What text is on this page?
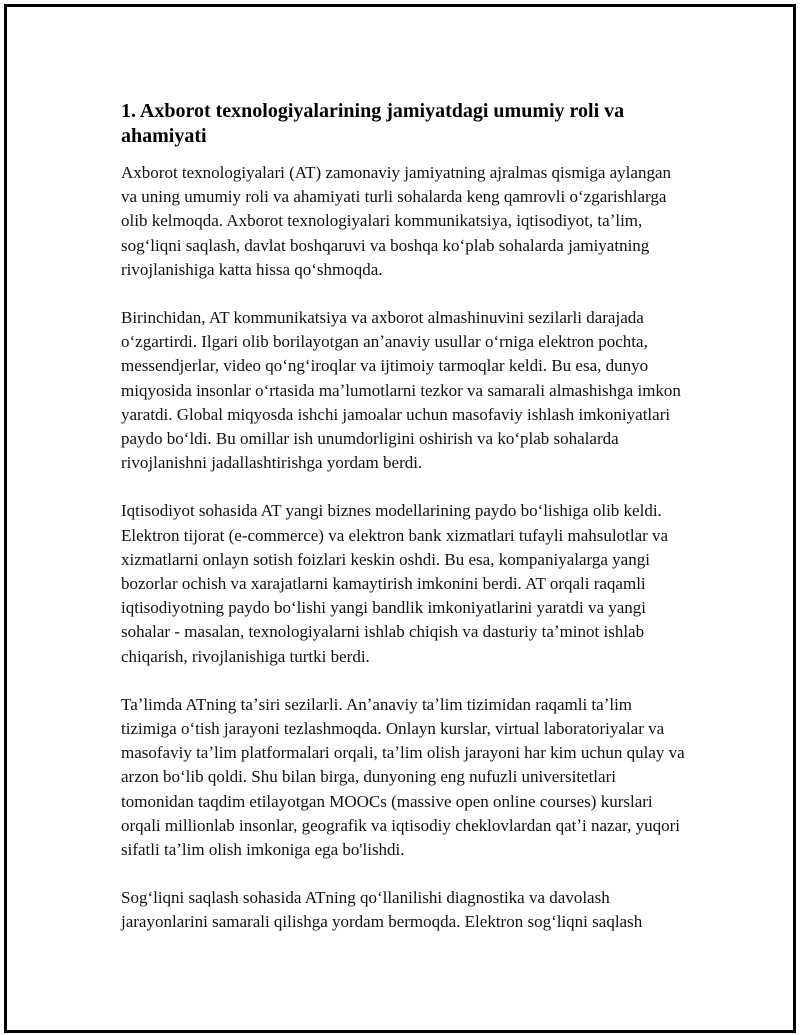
1. Axborot texnologiyalarining jamiyatdagi umumiy roli va ahamiyati

Axborot texnologiyalari (AT) zamonaviy jamiyatning ajralmas qismiga aylangan va uning umumiy roli va ahamiyati turli sohalarda keng qamrovli oʻzgarishlarga olib kelmoqda. Axborot texnologiyalari kommunikatsiya, iqtisodiyot, taʼlim, sogʻliqni saqlash, davlat boshqaruvi va boshqa koʻplab sohalarda jamiyatning rivojlanishiga katta hissa qoʻshmoqda.

Birinchidan, AT kommunikatsiya va axborot almashinuvini sezilarli darajada oʻzgartirdi. Ilgari olib borilayotgan anʼanaviy usullar oʻrniga elektron pochta, messendjerlar, video qoʻngʻiroqlar va ijtimoiy tarmoqlar keldi. Bu esa, dunyo miqyosida insonlar oʻrtasida maʼlumotlarni tezkor va samarali almashishga imkon yaratdi. Global miqyosda ishchi jamoalar uchun masofaviy ishlash imkoniyatlari paydo boʻldi. Bu omillar ish unumdorligini oshirish va koʻplab sohalarda rivojlanishni jadallashtirishga yordam berdi.

Iqtisodiyot sohasida AT yangi biznes modellarining paydo boʻlishiga olib keldi. Elektron tijorat (e-commerce) va elektron bank xizmatlari tufayli mahsulotlar va xizmatlarni onlayn sotish foizlari keskin oshdi. Bu esa, kompaniyalarga yangi bozorlar ochish va xarajatlarni kamaytirish imkonini berdi. AT orqali raqamli iqtisodiyotning paydo boʻlishi yangi bandlik imkoniyatlarini yaratdi va yangi sohalar - masalan, texnologiyalarni ishlab chiqish va dasturiy taʼminot ishlab chiqarish, rivojlanishiga turtki berdi.

Taʼlimda ATning taʼsiri sezilarli. Anʼanaviy taʼlim tizimidan raqamli taʼlim tizimiga oʻtish jarayoni tezlashmoqda. Onlayn kurslar, virtual laboratoriyalar va masofaviy taʼlim platformalari orqali, taʼlim olish jarayoni har kim uchun qulay va arzon boʻlib qoldi. Shu bilan birga, dunyoning eng nufuzli universitetlari tomonidan taqdim etilayotgan MOOCs (massive open online courses) kurslari orqali millionlab insonlar, geografik va iqtisodiy cheklovlardan qatʼi nazar, yuqori sifatli taʼlim olish imkoniga ega bo'lishdi.

Sogʻliqni saqlash sohasida ATning qoʻllanilishi diagnostika va davolash jarayonlarini samarali qilishga yordam bermoqda. Elektron sogʻliqni saqlash
